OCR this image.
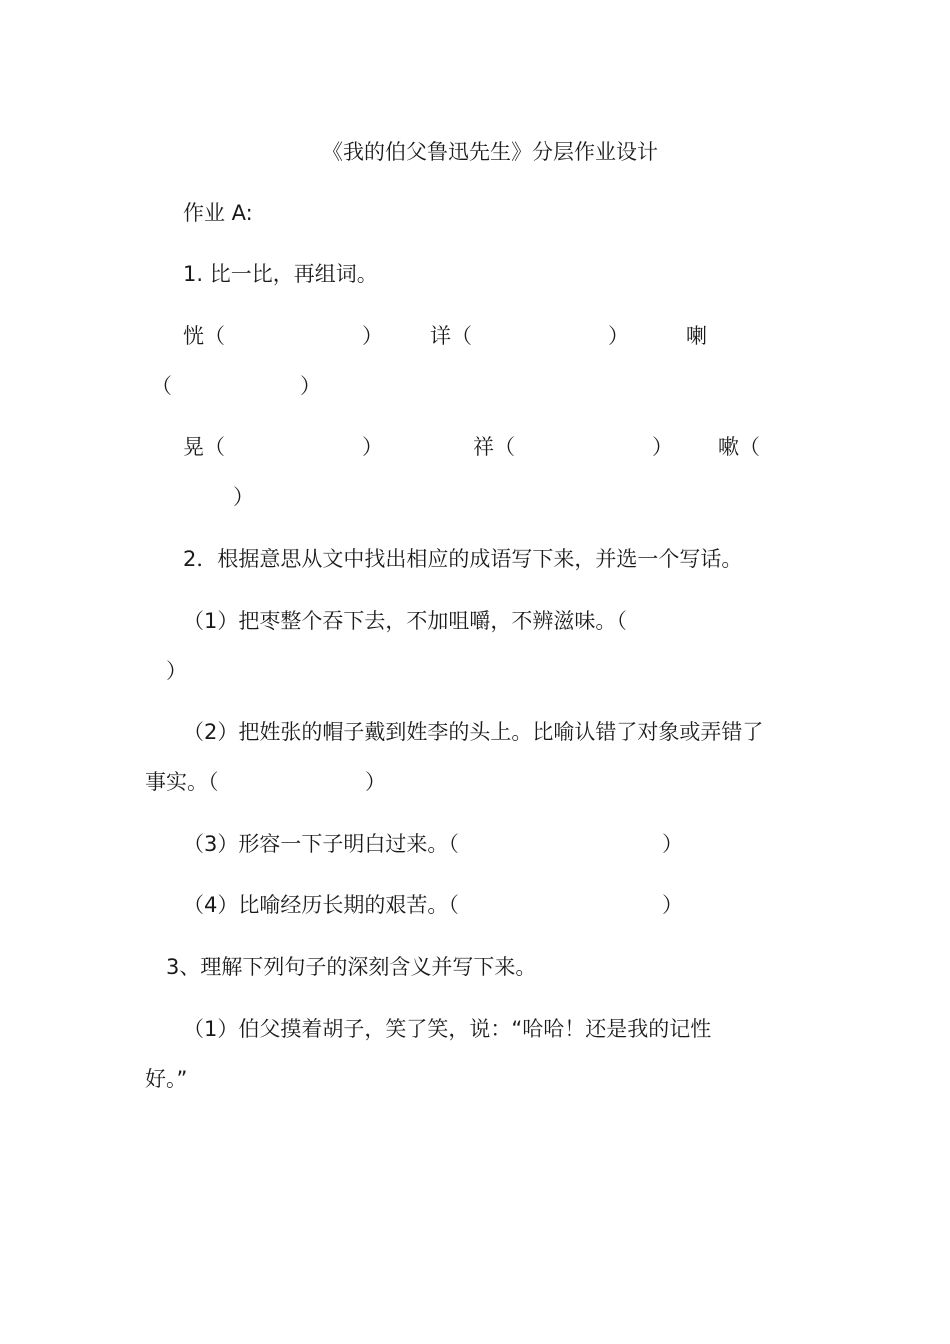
《我的伯父鲁迅先生》分层作业设计
作业 A:
1. 比一比，再组词。
恍（	） 详（	）	喇
（	）
晃（	）	祥（	） 嗽（
）
2．根据意思从文中找出相应的成语写下来，并选一个写话。
（1）把枣整个吞下去，不加咀嚼，不辨滋味。（
）
（2）把姓张的帽子戴到姓李的头上。比喻认错了对象或弄错了
事实。（	）
（3）形容一下子明白过来。（	）
（4）比喻经历长期的艰苦。（	）
3、理解下列句子的深刻含义并写下来。
（1）伯父摸着胡子，笑了笑，说：“哈哈！还是我的记性
好。”
